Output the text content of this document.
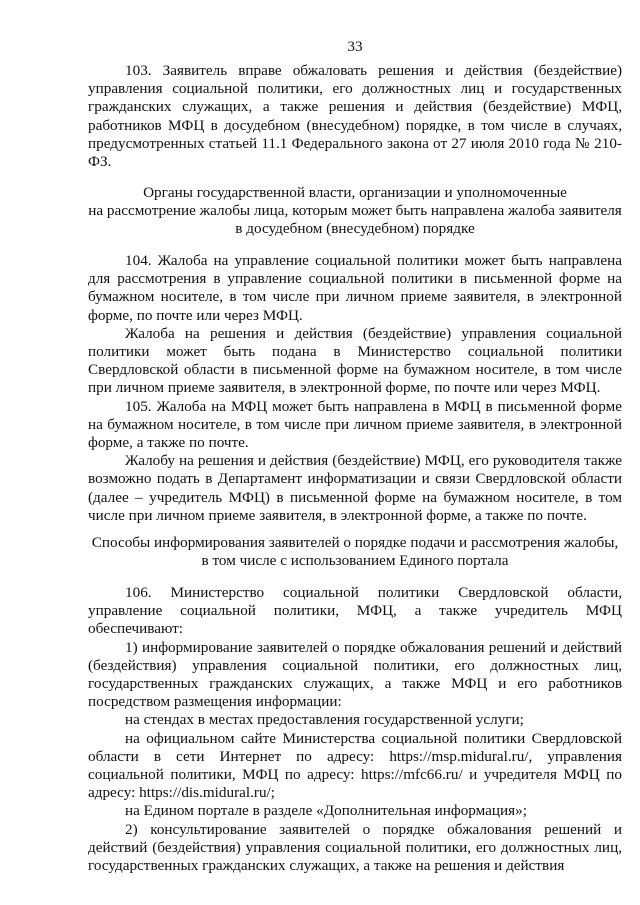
33

103. Заявитель вправе обжаловать решения и действия (бездействие) управления социальной политики, его должностных лиц и государственных гражданских служащих, а также решения и действия (бездействие) МФЦ, работников МФЦ в досудебном (внесудебном) порядке, в том числе в случаях, предусмотренных статьей 11.1 Федерального закона от 27 июля 2010 года № 210-ФЗ.

Органы государственной власти, организации и уполномоченные

на рассмотрение жалобы лица, которым может быть направлена жалоба заявителя

в досудебном (внесудебном) порядке

104. Жалоба на управление социальной политики может быть направлена для рассмотрения в управление социальной политики в письменной форме на бумажном носителе, в том числе при личном приеме заявителя, в электронной форме, по почте или через МФЦ.

Жалоба на решения и действия (бездействие) управления социальной политики может быть подана в Министерство социальной политики Свердловской области в письменной форме на бумажном носителе, в том числе при личном приеме заявителя, в электронной форме, по почте или через МФЦ.

105. Жалоба на МФЦ может быть направлена в МФЦ в письменной форме на бумажном носителе, в том числе при личном приеме заявителя, в электронной форме, а также по почте.

Жалобу на решения и действия (бездействие) МФЦ, его руководителя также возможно подать в Департамент информатизации и связи Свердловской области (далее – учредитель МФЦ) в письменной форме на бумажном носителе, в том числе при личном приеме заявителя, в электронной форме, а также по почте.

Способы информирования заявителей о порядке подачи и рассмотрения жалобы,

в том числе с использованием Единого портала

106. Министерство социальной политики Свердловской области, управление социальной политики, МФЦ, а также учредитель МФЦ обеспечивают:

1) информирование заявителей о порядке обжалования решений и действий (бездействия) управления социальной политики, его должностных лиц, государственных гражданских служащих, а также МФЦ и его работников посредством размещения информации:

на стендах в местах предоставления государственной услуги;

на официальном сайте Министерства социальной политики Свердловской области в сети Интернет по адресу: https://msp.midural.ru/, управления социальной политики, МФЦ по адресу: https://mfc66.ru/ и учредителя МФЦ по адресу: https://dis.midural.ru/;

на Едином портале в разделе «Дополнительная информация»;

2) консультирование заявителей о порядке обжалования решений и действий (бездействия) управления социальной политики, его должностных лиц, государственных гражданских служащих, а также на решения и действия
